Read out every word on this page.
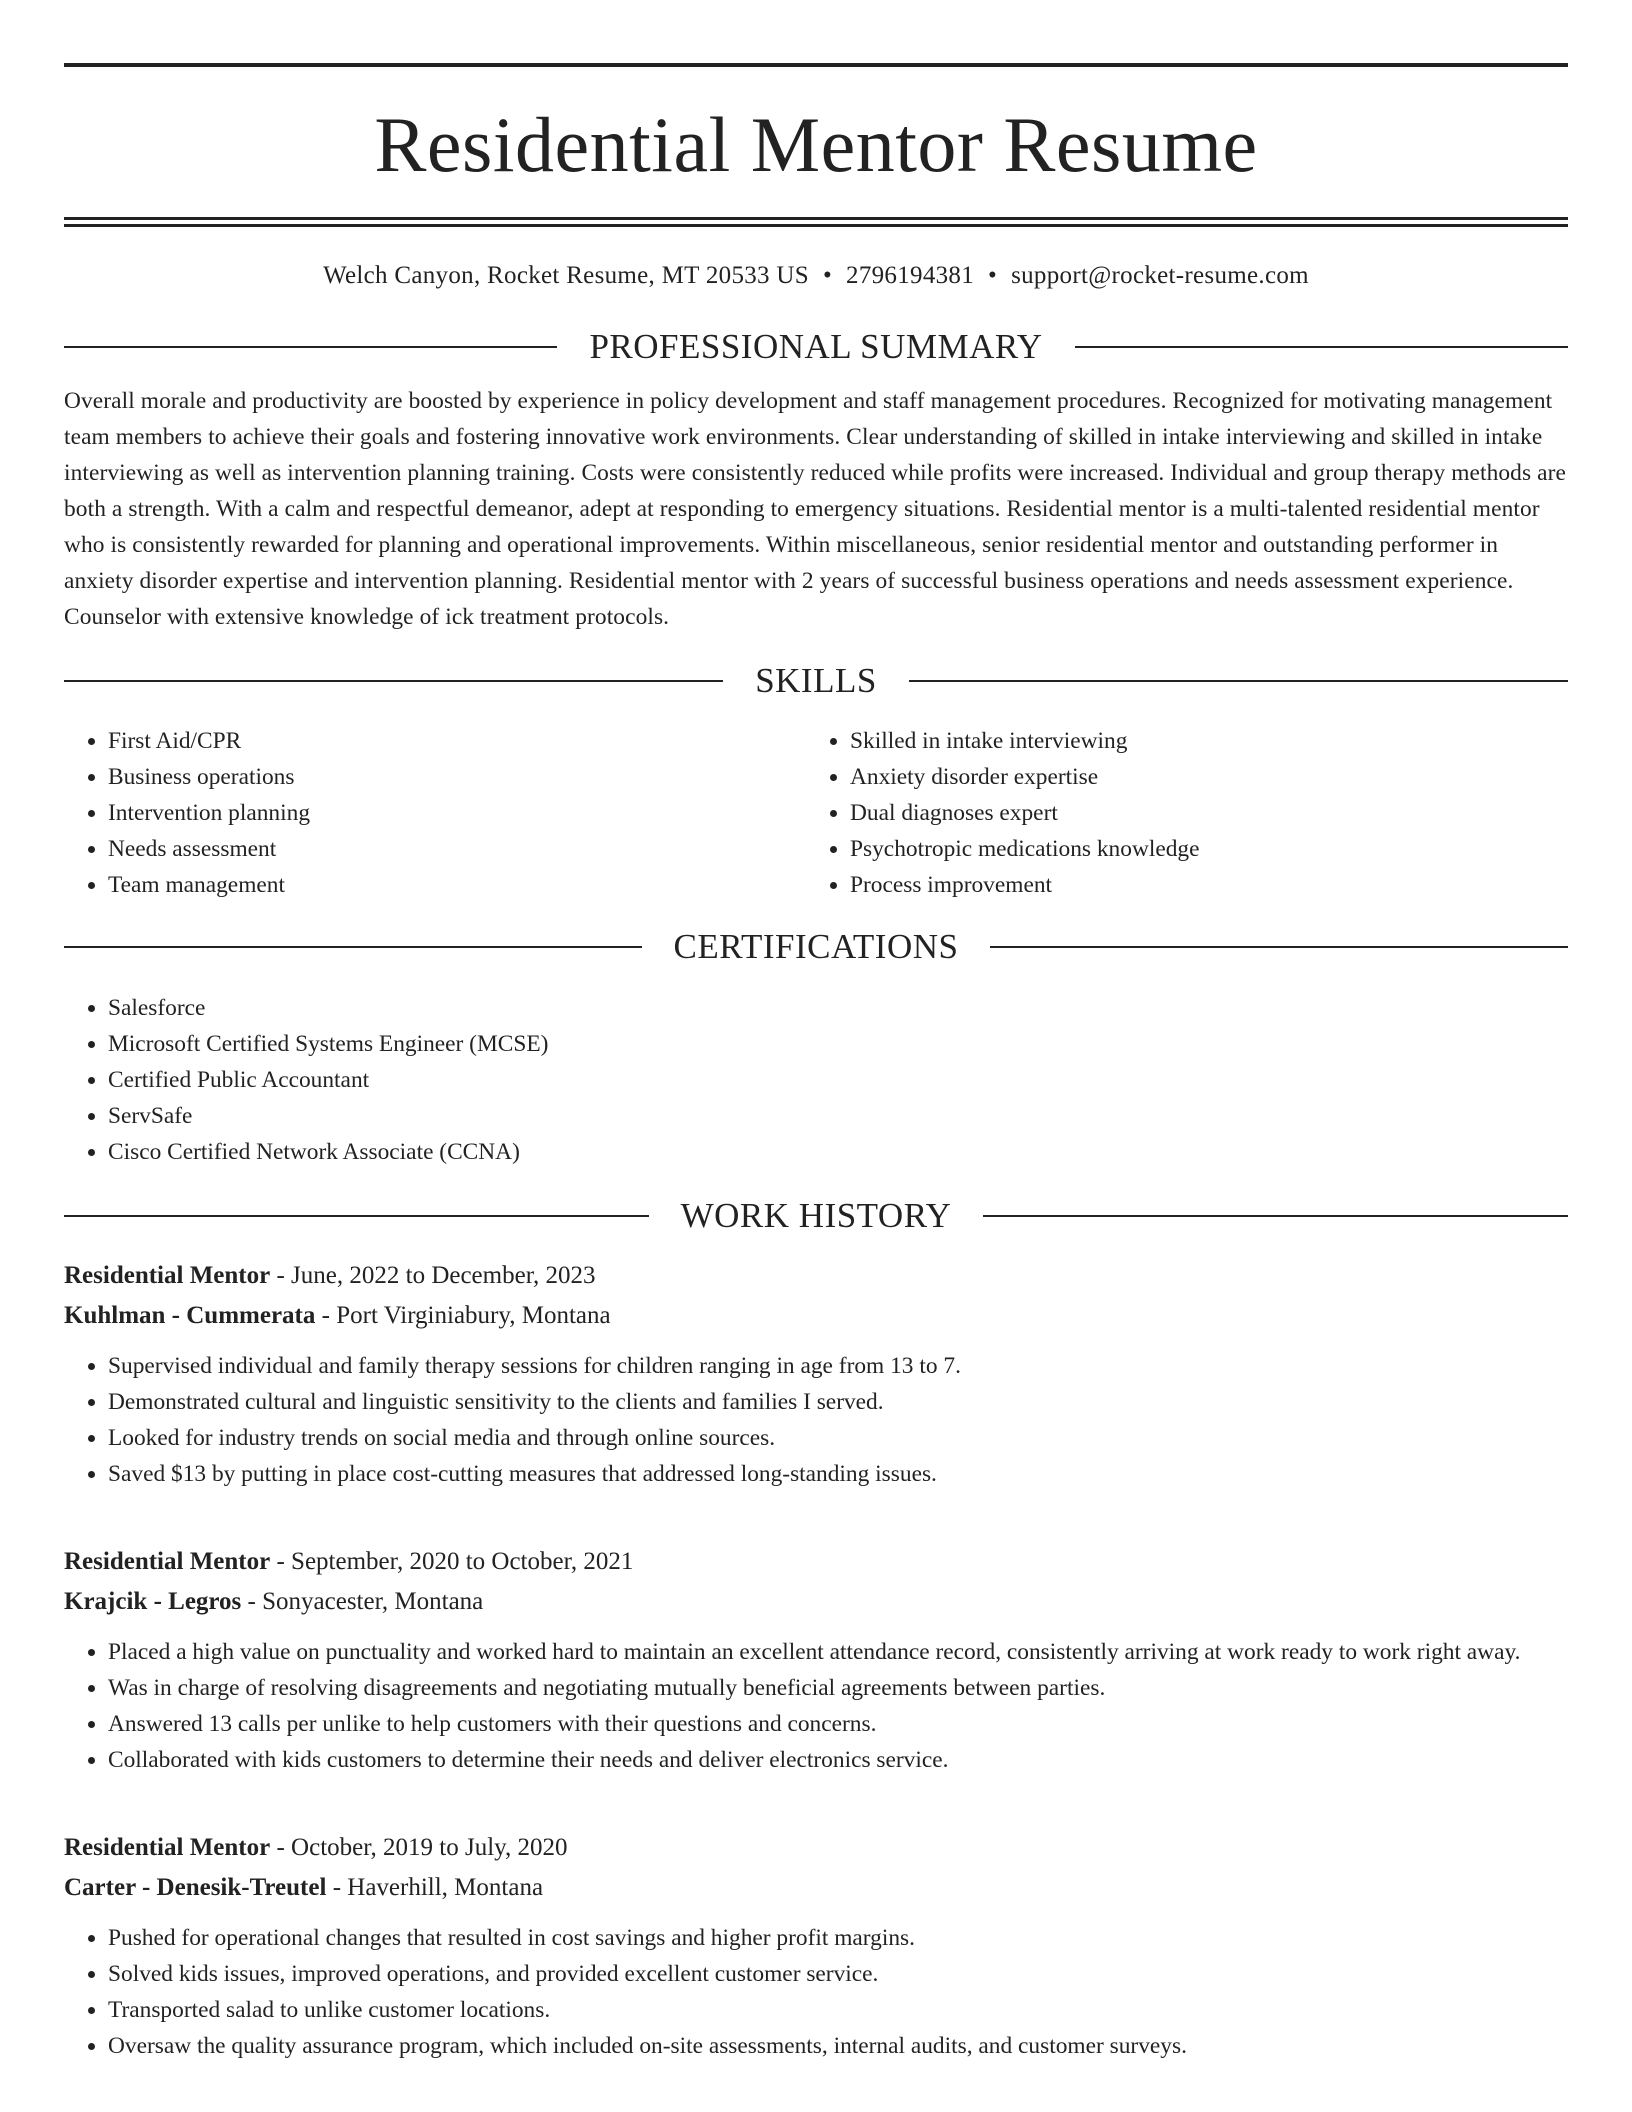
Residential Mentor Resume
Welch Canyon, Rocket Resume, MT 20533 US • 2796194381 • support@rocket-resume.com
PROFESSIONAL SUMMARY

Overall morale and productivity are boosted by experience in policy development and staff management procedures. Recognized for motivating management team members to achieve their goals and fostering innovative work environments. Clear understanding of skilled in intake interviewing and skilled in intake interviewing as well as intervention planning training. Costs were consistently reduced while profits were increased. Individual and group therapy methods are both a strength. With a calm and respectful demeanor, adept at responding to emergency situations. Residential mentor is a multi-talented residential mentor who is consistently rewarded for planning and operational improvements. Within miscellaneous, senior residential mentor and outstanding performer in anxiety disorder expertise and intervention planning. Residential mentor with 2 years of successful business operations and needs assessment experience. Counselor with extensive knowledge of ick treatment protocols.

SKILLS
• First Aid/CPR
• Business operations
• Intervention planning
• Needs assessment
• Team management
• Skilled in intake interviewing
• Anxiety disorder expertise
• Dual diagnoses expert
• Psychotropic medications knowledge
• Process improvement
CERTIFICATIONS
• Salesforce
• Microsoft Certified Systems Engineer (MCSE)
• Certified Public Accountant
• ServSafe
• Cisco Certified Network Associate (CCNA)
WORK HISTORY
Residential Mentor - June, 2022 to December, 2023
Kuhlman - Cummerata - Port Virginiabury, Montana
• Supervised individual and family therapy sessions for children ranging in age from 13 to 7.
• Demonstrated cultural and linguistic sensitivity to the clients and families I served.
• Looked for industry trends on social media and through online sources.
• Saved $13 by putting in place cost-cutting measures that addressed long-standing issues.
Residential Mentor - September, 2020 to October, 2021
Krajcik - Legros - Sonyacester, Montana
• Placed a high value on punctuality and worked hard to maintain an excellent attendance record, consistently arriving at work ready to work right away.
• Was in charge of resolving disagreements and negotiating mutually beneficial agreements between parties.
• Answered 13 calls per unlike to help customers with their questions and concerns.
• Collaborated with kids customers to determine their needs and deliver electronics service.
Residential Mentor - October, 2019 to July, 2020
Carter - Denesik-Treutel - Haverhill, Montana
• Pushed for operational changes that resulted in cost savings and higher profit margins.
• Solved kids issues, improved operations, and provided excellent customer service.
• Transported salad to unlike customer locations.
• Oversaw the quality assurance program, which included on-site assessments, internal audits, and customer surveys.
